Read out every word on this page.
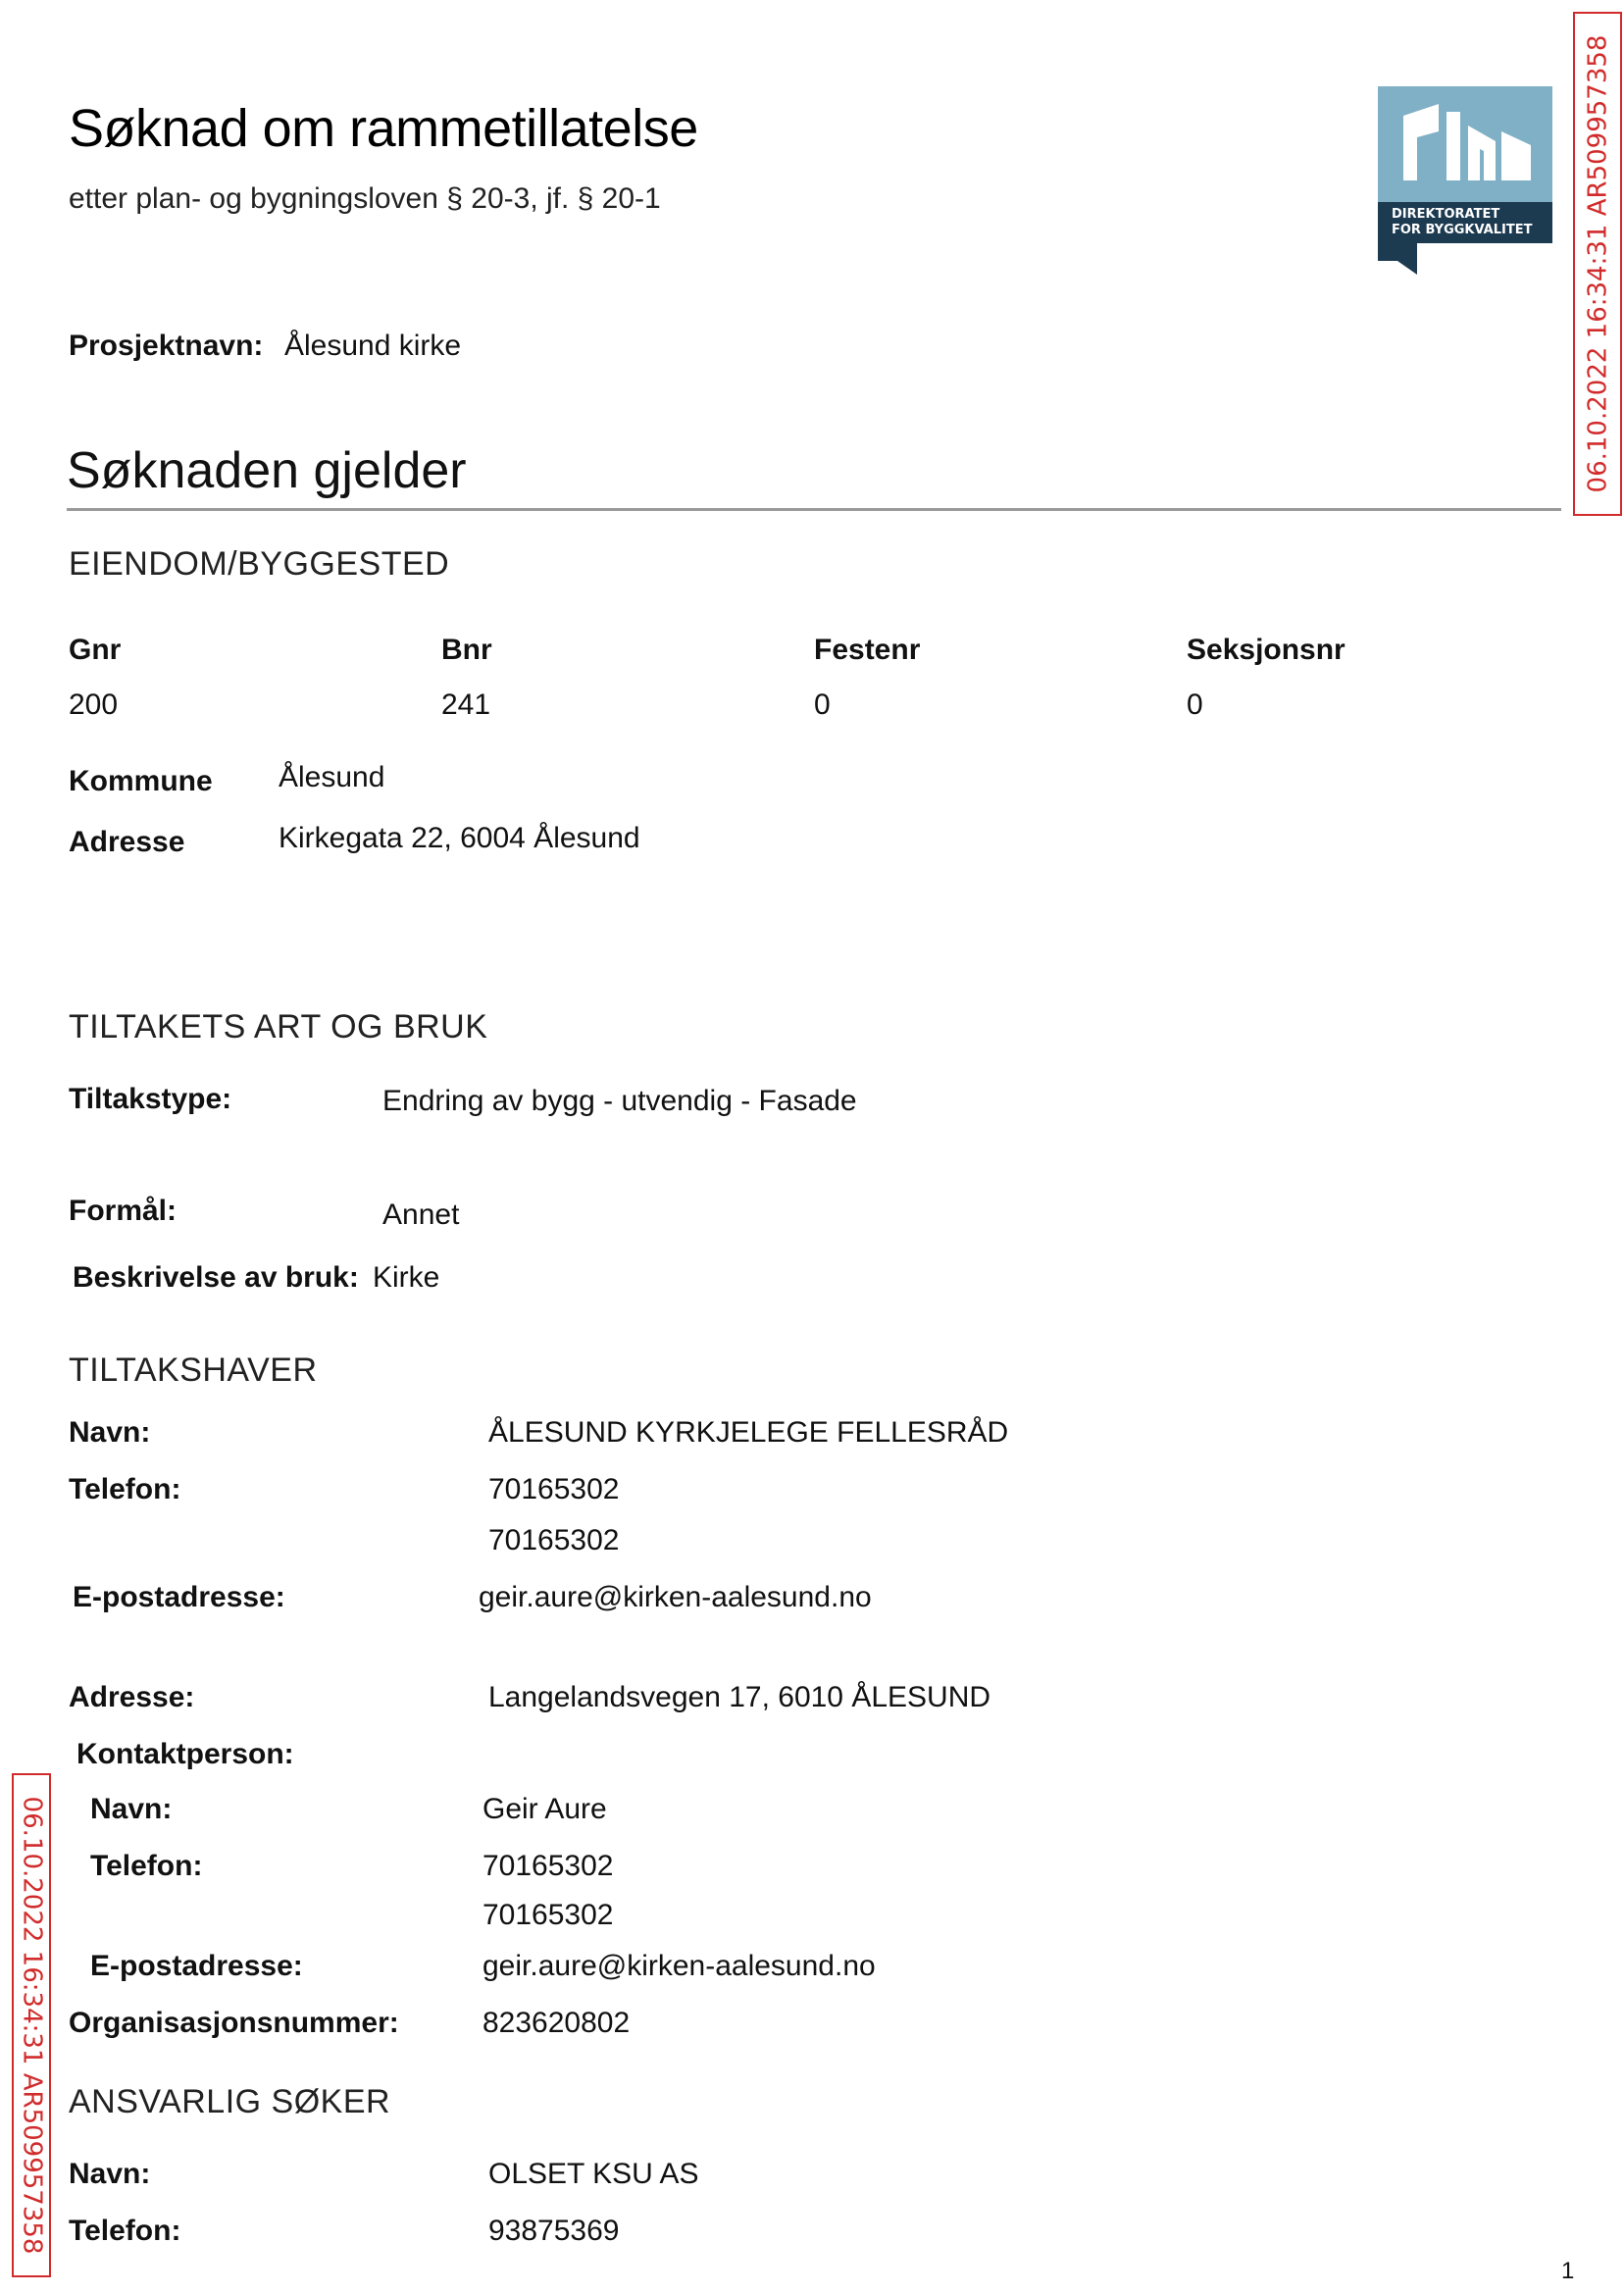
Søknad om rammetillatelse
etter plan- og bygningsloven § 20-3, jf. § 20-1	DIREKTORATET
FOR BYGGKVALITET 06.10.2022 16:34:31 AR509957358
06.10.2022 16:34:31 AR509957358
Prosjektnavn: Ålesund kirke
Søknaden gjelder
EIENDOM/BYGGESTED
Gnr	Bnr	Festenr	Seksjonsnr
200	241	0	0
Kommune Ålesund
Adresse	Kirkegata 22, 6004 Ålesund
TILTAKETS ART OG BRUK
Tiltakstype:	Endring av bygg - utvendig - Fasade
Formål:	Annet
Beskrivelse av bruk: Kirke
TILTAKSHAVER
Navn:	ÅLESUND KYRKJELEGE FELLESRÅD
Telefon:	70165302
70165302
E-postadresse:	geir.aure@kirken-aalesund.no
Adresse:	Langelandsvegen 17, 6010 ÅLESUND
Kontaktperson:
Navn:	Geir Aure
Telefon:	70165302
70165302
E-postadresse:	geir.aure@kirken-aalesund.no
Organisasjonsnummer:	823620802
ANSVARLIG SØKER
Navn:	OLSET KSU AS
Telefon:	93875369
1
